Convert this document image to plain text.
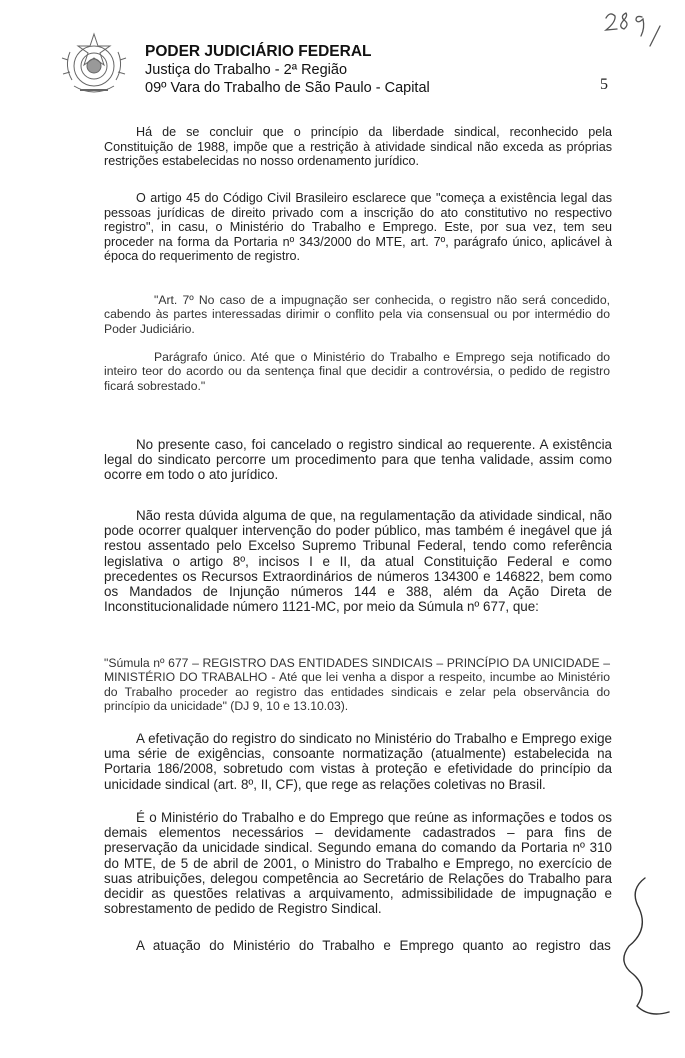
PODER JUDICIÁRIO FEDERAL
Justiça do Trabalho - 2ª Região
09º Vara do Trabalho de São Paulo - Capital	5
Há de se concluir que o princípio da liberdade sindical, reconhecido pela Constituição de 1988, impõe que a restrição à atividade sindical não exceda as próprias restrições estabelecidas no nosso ordenamento jurídico.
O artigo 45 do Código Civil Brasileiro esclarece que "começa a existência legal das pessoas jurídicas de direito privado com a inscrição do ato constitutivo no respectivo registro", in casu, o Ministério do Trabalho e Emprego. Este, por sua vez, tem seu proceder na forma da Portaria nº 343/2000 do MTE, art. 7º, parágrafo único, aplicável à época do requerimento de registro.
"Art. 7º No caso de a impugnação ser conhecida, o registro não será concedido, cabendo às partes interessadas dirimir o conflito pela via consensual ou por intermédio do Poder Judiciário.
Parágrafo único. Até que o Ministério do Trabalho e Emprego seja notificado do inteiro teor do acordo ou da sentença final que decidir a controvérsia, o pedido de registro ficará sobrestado."
No presente caso, foi cancelado o registro sindical ao requerente. A existência legal do sindicato percorre um procedimento para que tenha validade, assim como ocorre em todo o ato jurídico.
Não resta dúvida alguma de que, na regulamentação da atividade sindical, não pode ocorrer qualquer intervenção do poder público, mas também é inegável que já restou assentado pelo Excelso Supremo Tribunal Federal, tendo como referência legislativa o artigo 8º, incisos I e II, da atual Constituição Federal e como precedentes os Recursos Extraordinários de números 134300 e 146822, bem como os Mandados de Injunção números 144 e 388, além da Ação Direta de Inconstitucionalidade número 1121-MC, por meio da Súmula nº 677, que:
"Súmula nº 677 – REGISTRO DAS ENTIDADES SINDICAIS – PRINCÍPIO DA UNICIDADE – MINISTÉRIO DO TRABALHO - Até que lei venha a dispor a respeito, incumbe ao Ministério do Trabalho proceder ao registro das entidades sindicais e zelar pela observância do princípio da unicidade" (DJ 9, 10 e 13.10.03).
A efetivação do registro do sindicato no Ministério do Trabalho e Emprego exige uma série de exigências, consoante normatização (atualmente) estabelecida na Portaria 186/2008, sobretudo com vistas à proteção e efetividade do princípio da unicidade sindical (art. 8º, II, CF), que rege as relações coletivas no Brasil.
É o Ministério do Trabalho e do Emprego que reúne as informações e todos os demais elementos necessários – devidamente cadastrados – para fins de preservação da unicidade sindical. Segundo emana do comando da Portaria nº 310 do MTE, de 5 de abril de 2001, o Ministro do Trabalho e Emprego, no exercício de suas atribuições, delegou competência ao Secretário de Relações do Trabalho para decidir as questões relativas a arquivamento, admissibilidade de impugnação e sobrestamento de pedido de Registro Sindical.
A atuação do Ministério do Trabalho e Emprego quanto ao registro das
